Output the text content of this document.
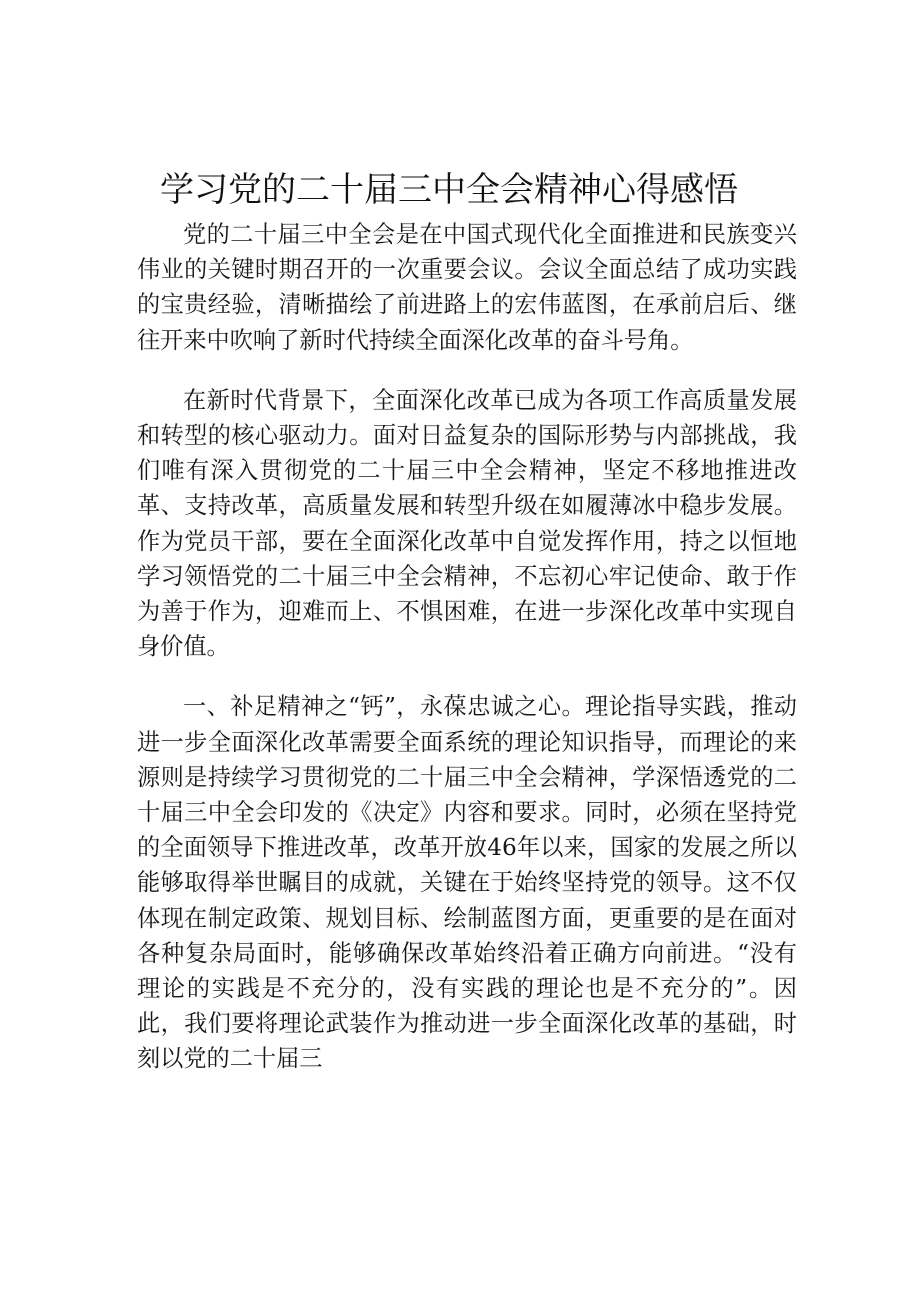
学习党的二十届三中全会精神心得感悟

党的二十届三中全会是在中国式现代化全面推进和民族变兴伟业的关键时期召开的一次重要会议。会议全面总结了成功实践的宝贵经验，清晰描绘了前进路上的宏伟蓝图，在承前启后、继往开来中吹响了新时代持续全面深化改革的奋斗号角。

在新时代背景下，全面深化改革已成为各项工作高质量发展和转型的核心驱动力。面对日益复杂的国际形势与内部挑战，我们唯有深入贯彻党的二十届三中全会精神，坚定不移地推进改革、支持改革，高质量发展和转型升级在如履薄冰中稳步发展。作为党员干部，要在全面深化改革中自觉发挥作用，持之以恒地学习领悟党的二十届三中全会精神，不忘初心牢记使命、敢于作为善于作为，迎难而上、不惧困难，在进一步深化改革中实现自身价值。

一、补足精神之“钙”，永葆忠诚之心。理论指导实践，推动进一步全面深化改革需要全面系统的理论知识指导，而理论的来源则是持续学习贯彻党的二十届三中全会精神，学深悟透党的二十届三中全会印发的《决定》内容和要求。同时，必须在坚持党的全面领导下推进改革，改革开放46年以来，国家的发展之所以能够取得举世瞩目的成就，关键在于始终坚持党的领导。这不仅体现在制定政策、规划目标、绘制蓝图方面，更重要的是在面对各种复杂局面时，能够确保改革始终沿着正确方向前进。“没有理论的实践是不充分的，没有实践的理论也是不充分的”。因此，我们要将理论武装作为推动进一步全面深化改革的基础，时刻以党的二十届三
